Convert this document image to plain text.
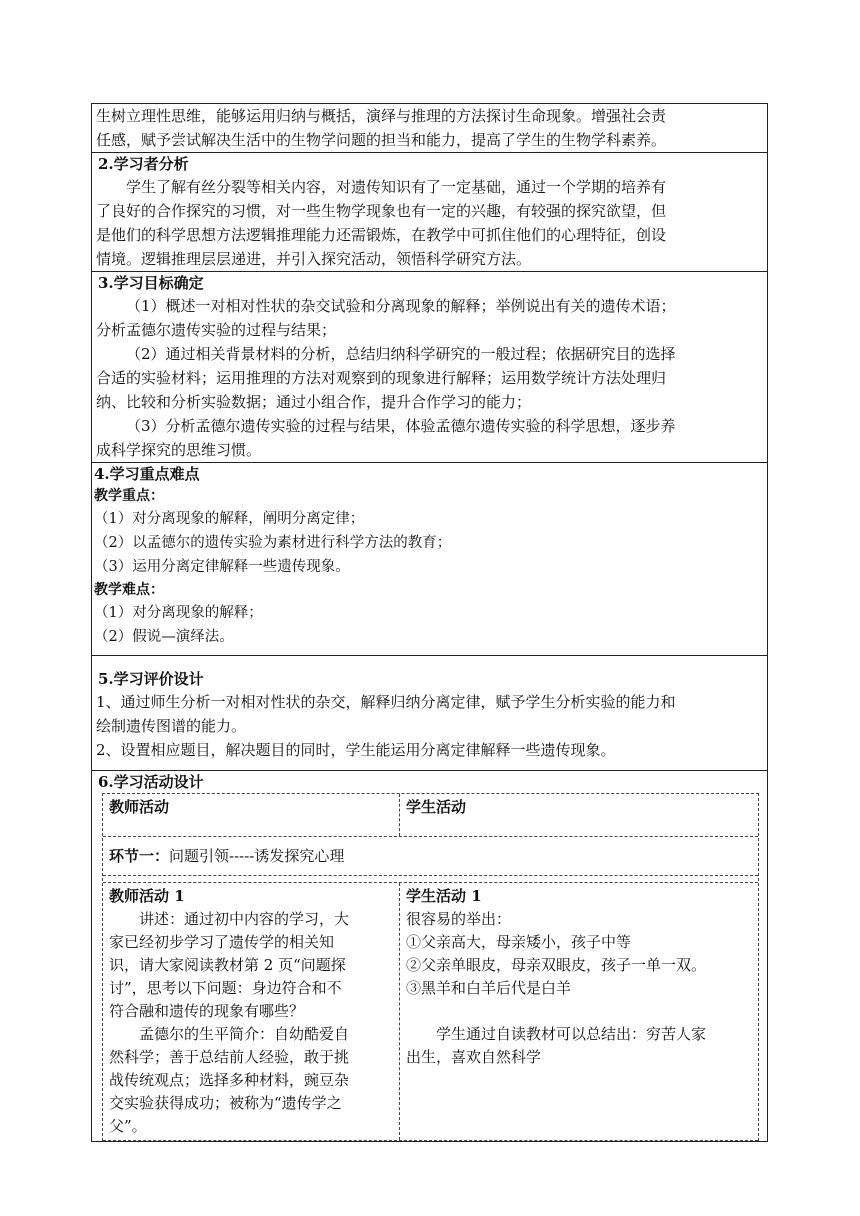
生树立理性思维，能够运用归纳与概括，演绎与推理的方法探讨生命现象。增强社会责

任感，赋予尝试解决生活中的生物学问题的担当和能力，提高了学生的生物学科素养。

2.学习者分析

学生了解有丝分裂等相关内容，对遗传知识有了一定基础，通过一个学期的培养有

了良好的合作探究的习惯，对一些生物学现象也有一定的兴趣，有较强的探究欲望，但

是他们的科学思想方法逻辑推理能力还需锻炼，在教学中可抓住他们的心理特征，创设

情境。逻辑推理层层递进，并引入探究活动，领悟科学研究方法。

3.学习目标确定

（1）概述一对相对性状的杂交试验和分离现象的解释；举例说出有关的遗传术语；

分析孟德尔遗传实验的过程与结果；

（2）通过相关背景材料的分析，总结归纳科学研究的一般过程；依据研究目的选择

合适的实验材料；运用推理的方法对观察到的现象进行解释；运用数学统计方法处理归

纳、比较和分析实验数据；通过小组合作，提升合作学习的能力；

（3）分析孟德尔遗传实验的过程与结果，体验孟德尔遗传实验的科学思想，逐步养

成科学探究的思维习惯。

4.学习重点难点
教学重点：
（1）对分离现象的解释，阐明分离定律；
（2）以孟德尔的遗传实验为素材进行科学方法的教育；
（3）运用分离定律解释一些遗传现象。
教学难点：
（1）对分离现象的解释；
（2）假说—演绎法。
5.学习评价设计

1、通过师生分析一对相对性状的杂交，解释归纳分离定律，赋予学生分析实验的能力和

绘制遗传图谱的能力。

2、设置相应题目，解决题目的同时，学生能运用分离定律解释一些遗传现象。

6.学习活动设计
教师活动	学生活动
环节一：问题引领-----诱发探究心理
教师活动 1
讲述：通过初中内容的学习，大
家已经初步学习了遗传学的相关知
识，请大家阅读教材第 2 页“问题探
讨”，思考以下问题：身边符合和不
符合融和遗传的现象有哪些？
孟德尔的生平简介：自幼酷爱自
然科学；善于总结前人经验，敢于挑
战传统观点；选择多种材料，豌豆杂
交实验获得成功；被称为“遗传学之
父”。
学生活动 1
很容易的举出：
①父亲高大，母亲矮小，孩子中等
②父亲单眼皮，母亲双眼皮，孩子一单一双。
③黑羊和白羊后代是白羊
学生通过自读教材可以总结出：穷苦人家
出生，喜欢自然科学
